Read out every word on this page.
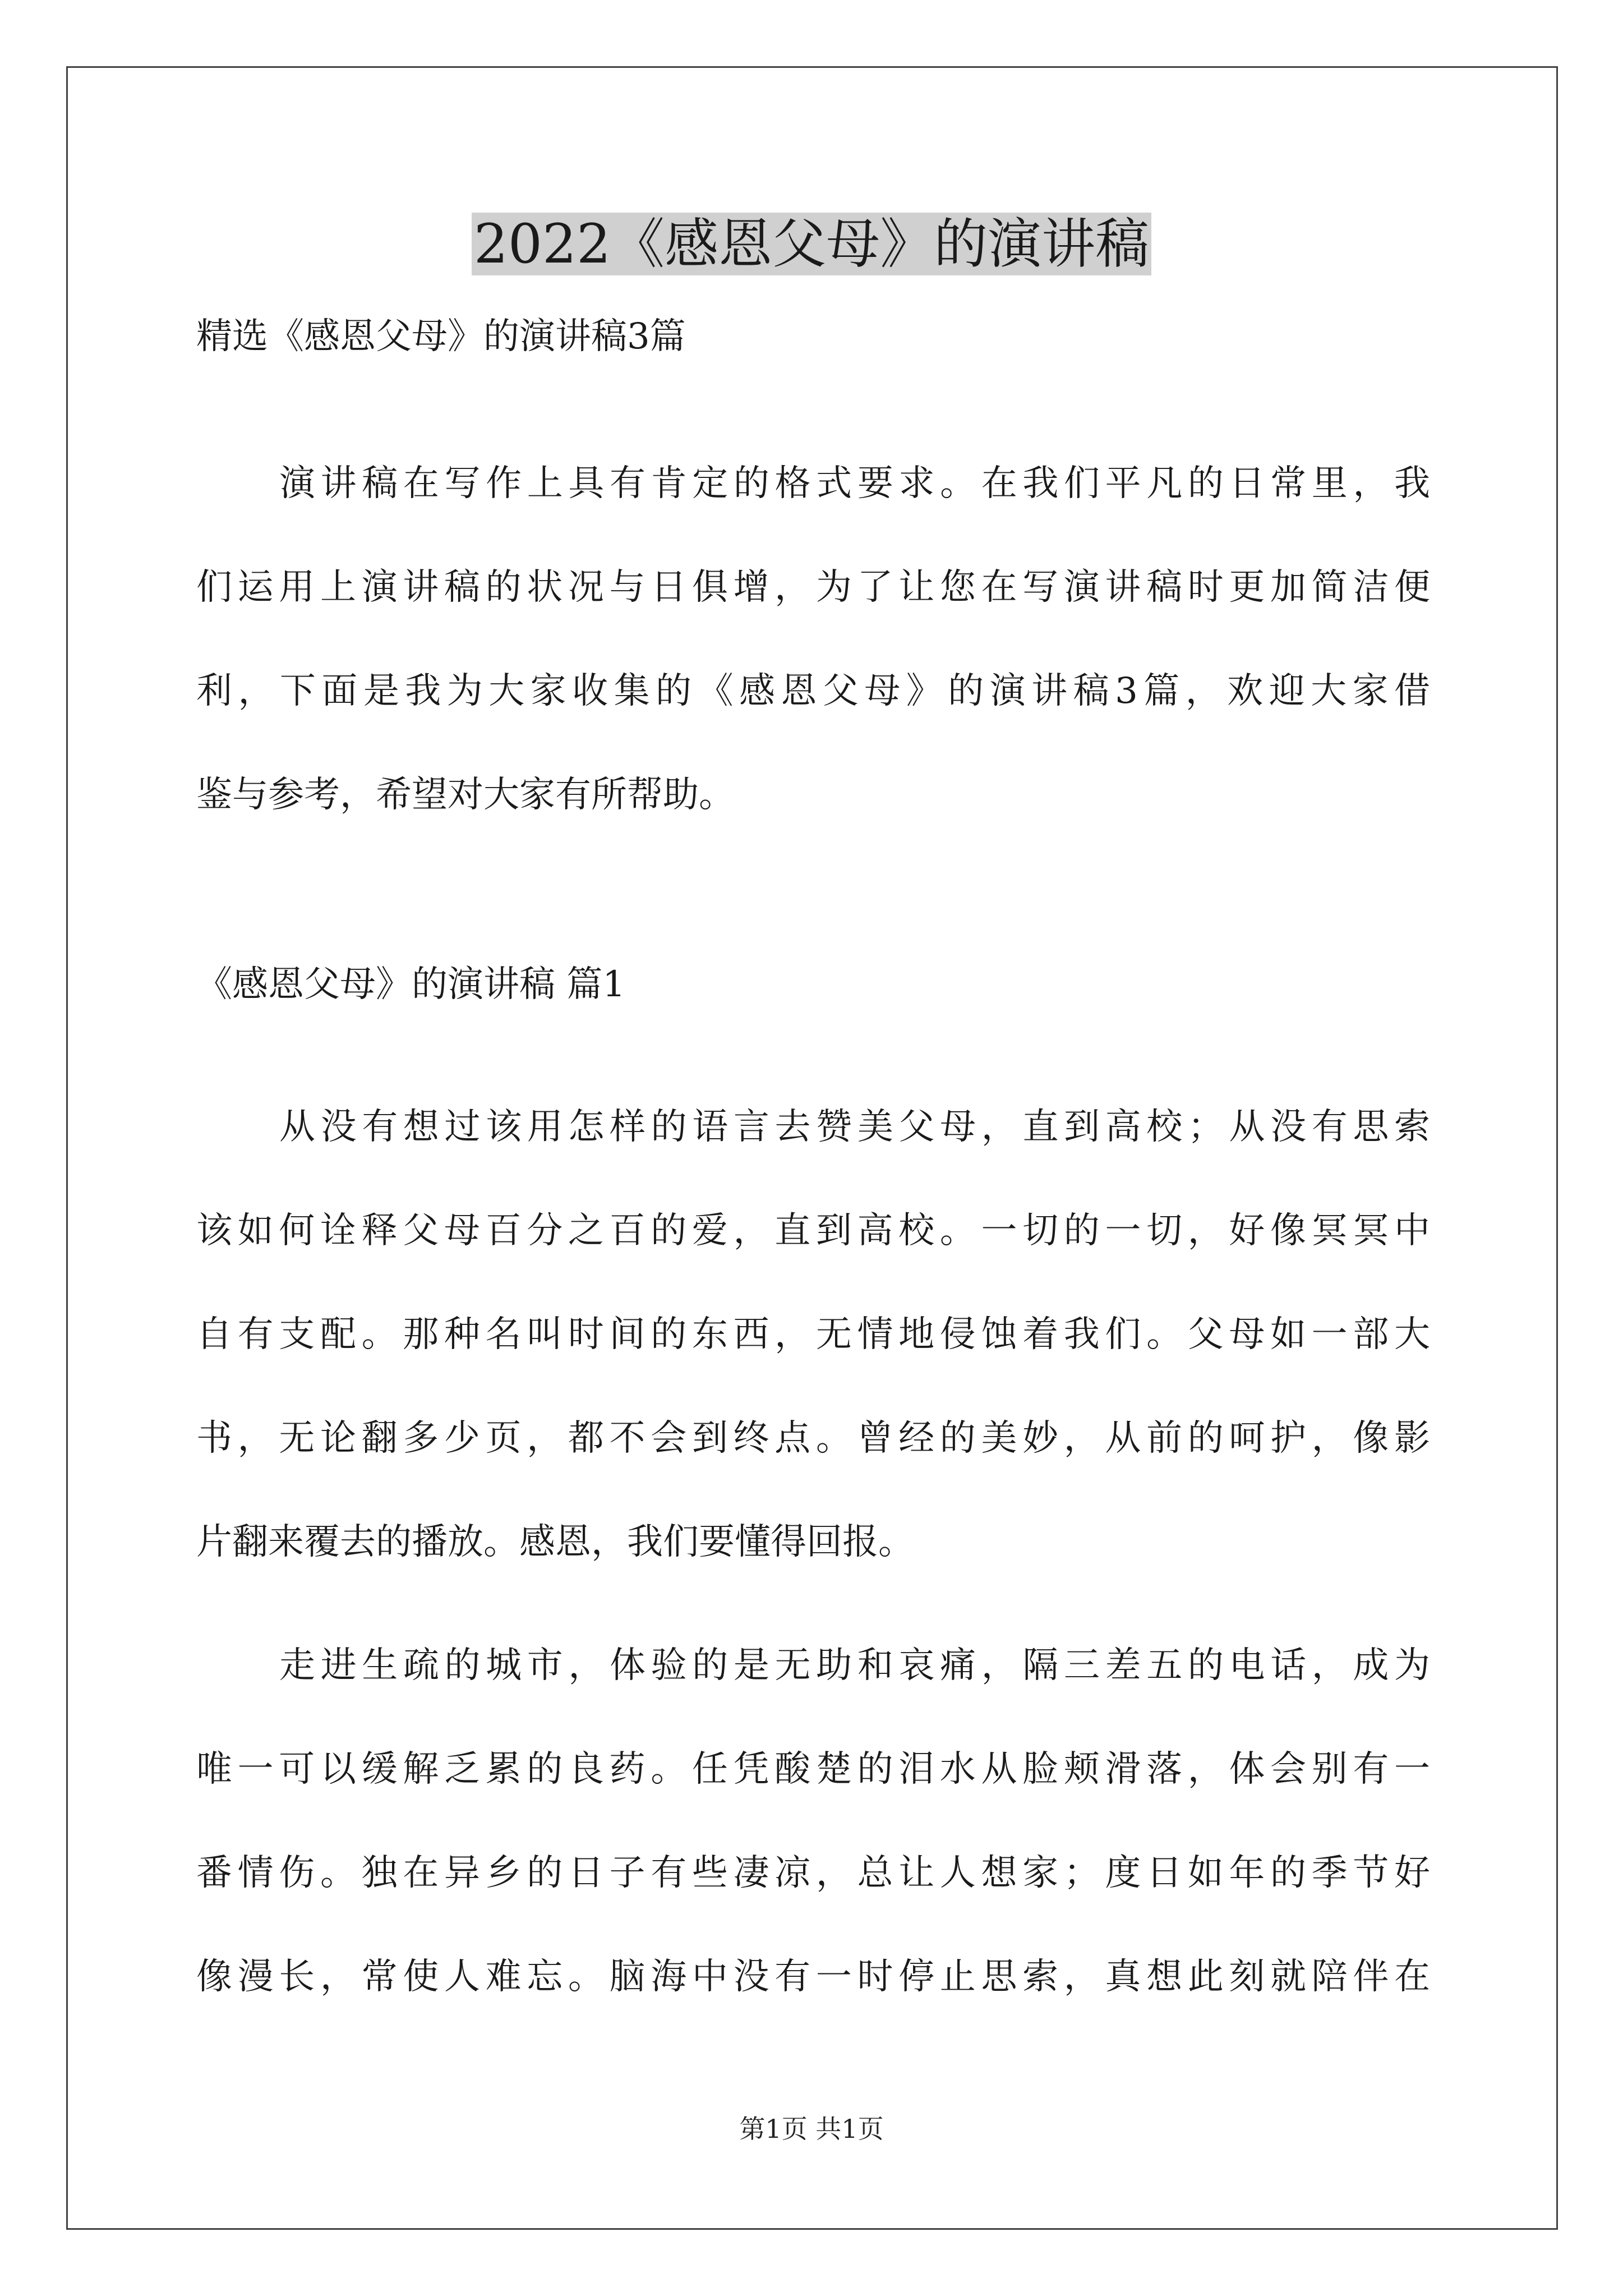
2022《感恩父母》的演讲稿

精选《感恩父母》的演讲稿3篇

演讲稿在写作上具有肯定的格式要求。在我们平凡的日常里，我
们运用上演讲稿的状况与日俱增，为了让您在写演讲稿时更加简洁便
利，下面是我为大家收集的《感恩父母》的演讲稿3篇，欢迎大家借
鉴与参考，希望对大家有所帮助。

《感恩父母》的演讲稿 篇1

从没有想过该用怎样的语言去赞美父母，直到高校；从没有思索
该如何诠释父母百分之百的爱，直到高校。一切的一切，好像冥冥中
自有支配。那种名叫时间的东西，无情地侵蚀着我们。父母如一部大
书，无论翻多少页，都不会到终点。曾经的美妙，从前的呵护，像影
片翻来覆去的播放。感恩，我们要懂得回报。
走进生疏的城市，体验的是无助和哀痛，隔三差五的电话，成为
唯一可以缓解乏累的良药。任凭酸楚的泪水从脸颊滑落，体会别有一
番情伤。独在异乡的日子有些凄凉，总让人想家；度日如年的季节好
像漫长，常使人难忘。脑海中没有一时停止思索，真想此刻就陪伴在
第1页 共1页
